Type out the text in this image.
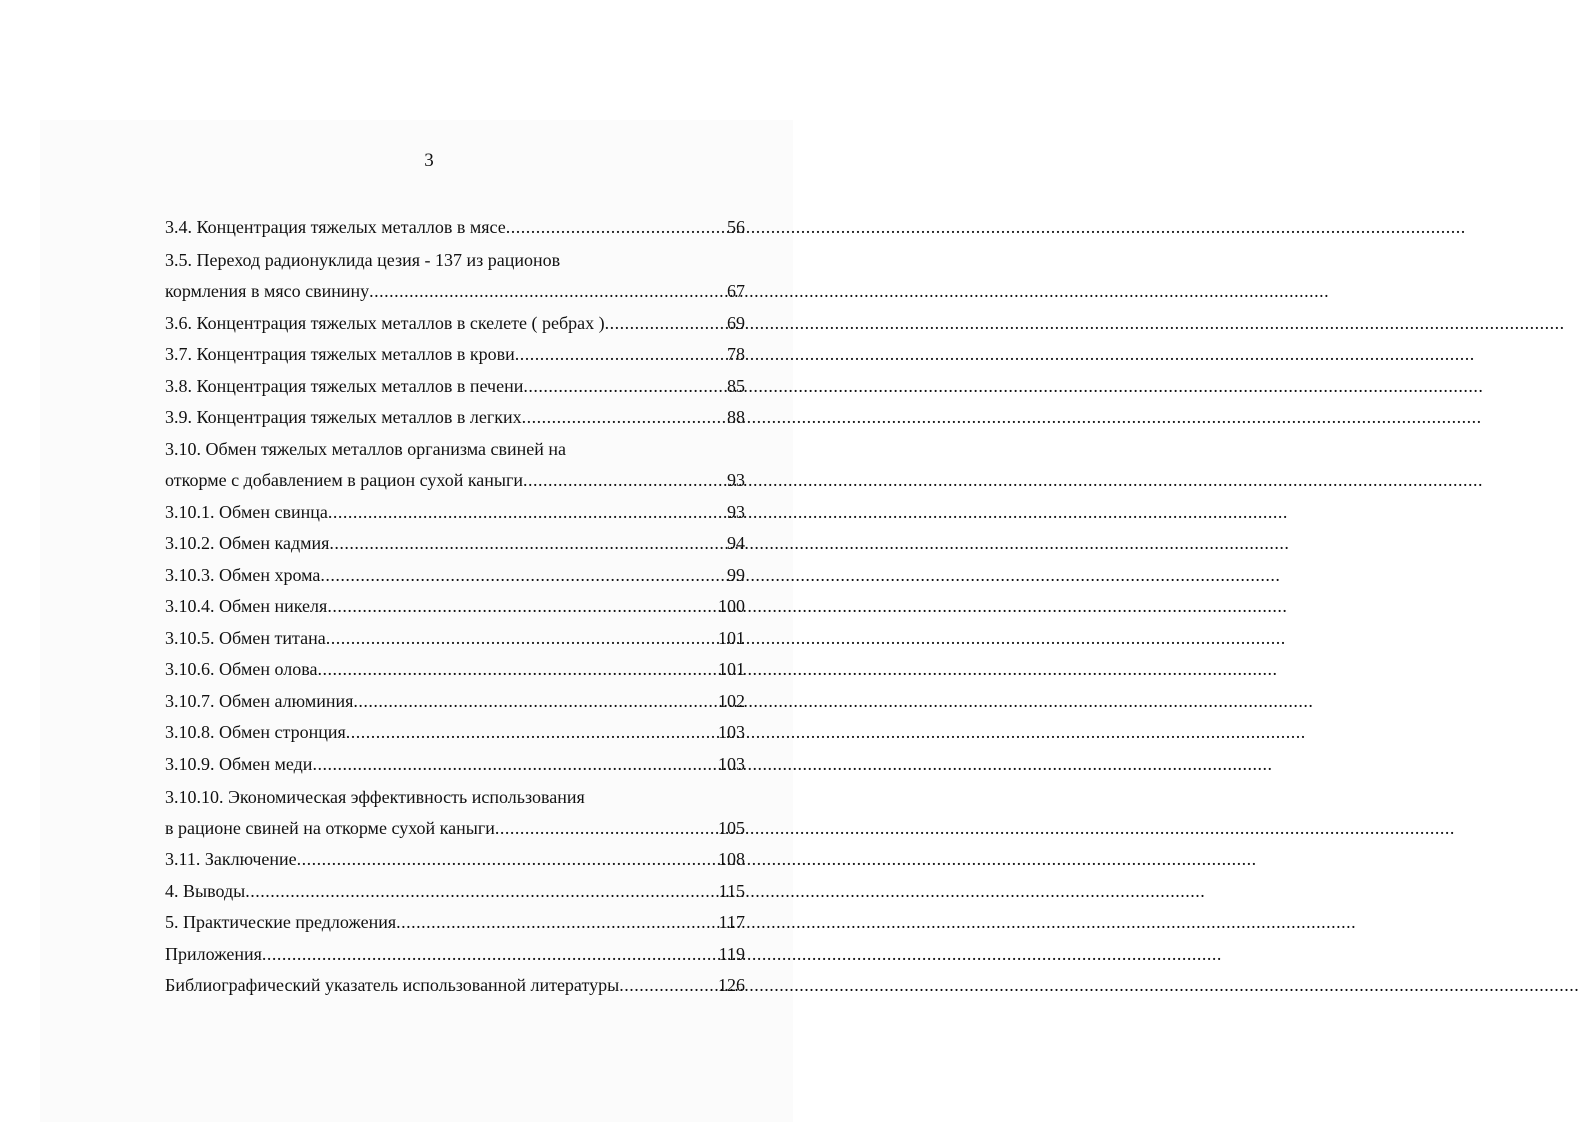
3
3.4. Концентрация тяжелых металлов в мясе .....	56
3.5. Переход радионуклида цезия - 137 из рационов
кормления в мясо свинину .....	67
3.6. Концентрация тяжелых металлов в скелете ( ребрах ) .....	69
3.7. Концентрация тяжелых металлов в крови .....	78
3.8. Концентрация тяжелых металлов в печени .....	85
3.9. Концентрация тяжелых металлов в легких .....	88
3.10. Обмен тяжелых металлов организма свиней на
откорме с добавлением в рацион сухой каныги .....	93
3.10.1. Обмен свинца .....	93
3.10.2. Обмен кадмия .....	94
3.10.3. Обмен хрома .....	99
3.10.4. Обмен никеля .....	100
3.10.5. Обмен титана .....	101
3.10.6. Обмен олова .....	101
3.10.7. Обмен алюминия .....	102
3.10.8. Обмен стронция .....	103
3.10.9. Обмен меди .....	103
3.10.10. Экономическая эффективность использования
в рационе свиней на откорме сухой каныги .....	105
3.11. Заключение .....	108
4. Выводы .....	115
5. Практические предложения .....	117
Приложения .....	119
Библиографический указатель использованной литературы .....	126
